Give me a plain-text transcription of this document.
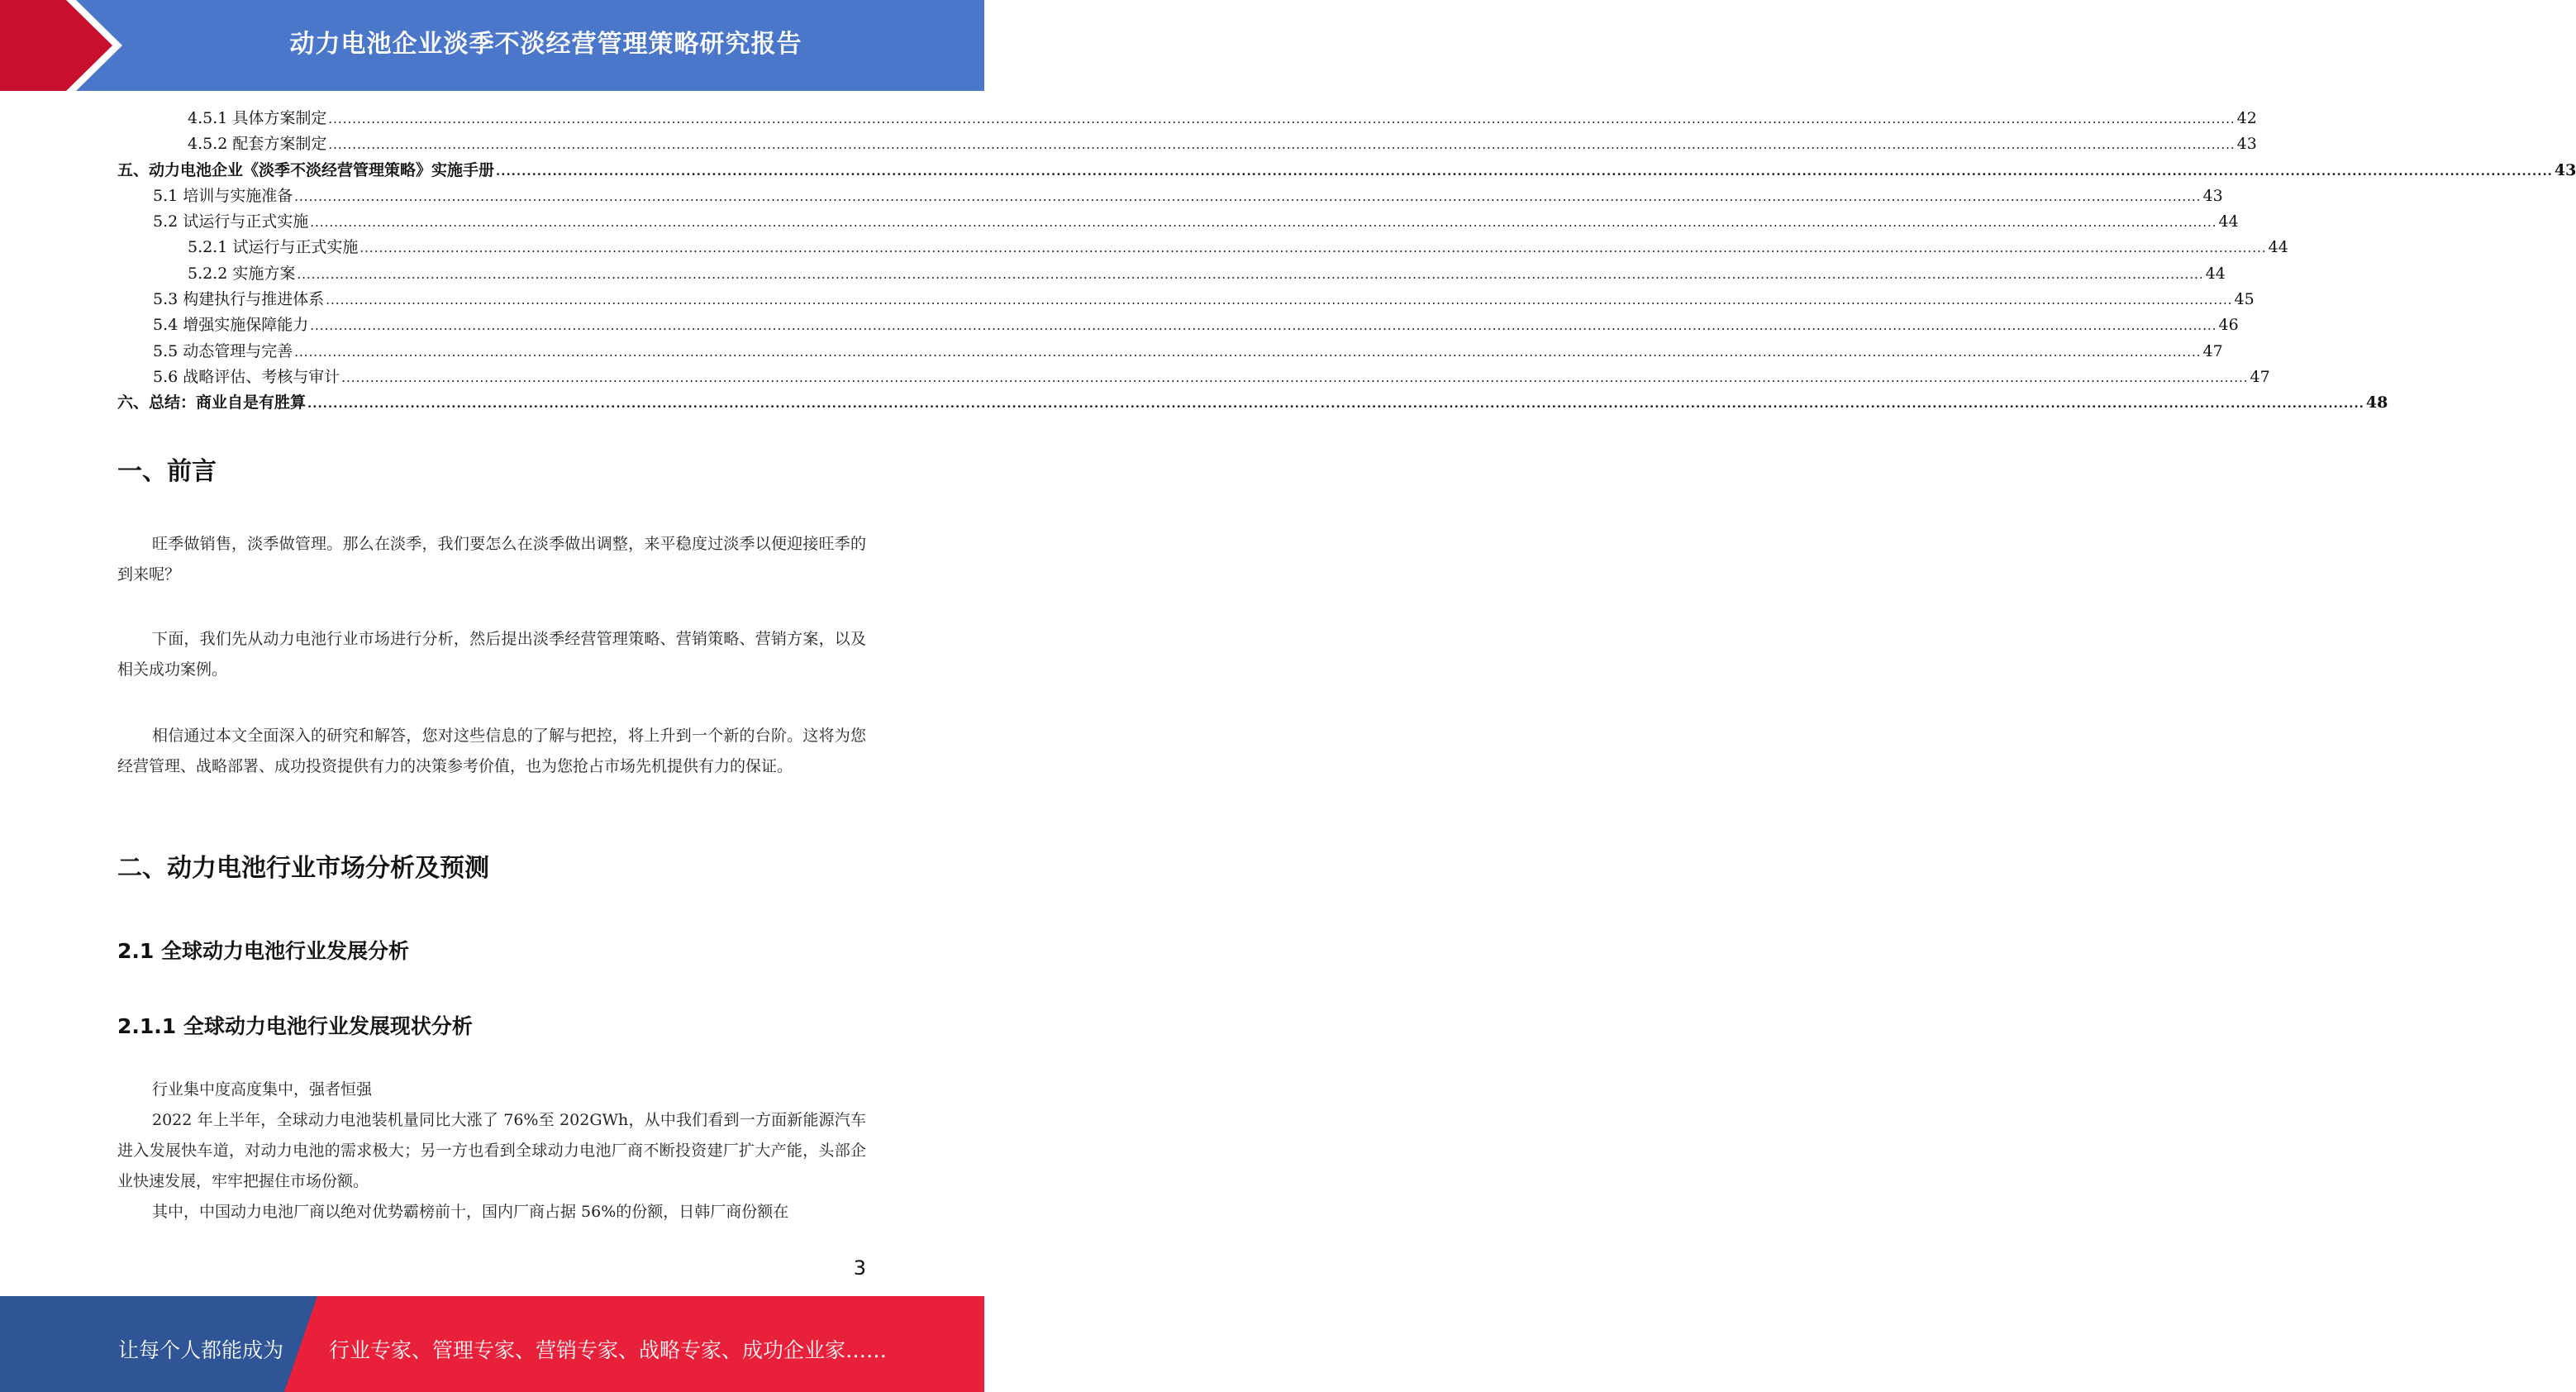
动力电池企业淡季不淡经营管理策略研究报告
4.5.1 具体方案制定 ................................................................................................................................................................................................................................................................................................................................................................................................................ 42
4.5.2 配套方案制定 ................................................................................................................................................................................................................................................................................................................................................................................................................ 43
五、动力电池企业《淡季不淡经营管理策略》实施手册 ................................................................................................................................................................................................................................................................................................................................................................................................................ 43
5.1 培训与实施准备 ................................................................................................................................................................................................................................................................................................................................................................................................................ 43
5.2 试运行与正式实施 ................................................................................................................................................................................................................................................................................................................................................................................................................ 44
5.2.1 试运行与正式实施 ................................................................................................................................................................................................................................................................................................................................................................................................................ 44
5.2.2 实施方案 ................................................................................................................................................................................................................................................................................................................................................................................................................ 44
5.3 构建执行与推进体系 ................................................................................................................................................................................................................................................................................................................................................................................................................ 45
5.4 增强实施保障能力 ................................................................................................................................................................................................................................................................................................................................................................................................................ 46
5.5 动态管理与完善 ................................................................................................................................................................................................................................................................................................................................................................................................................ 47
5.6 战略评估、考核与审计 ................................................................................................................................................................................................................................................................................................................................................................................................................ 47
六、总结：商业自是有胜算 ................................................................................................................................................................................................................................................................................................................................................................................................................ 48
一、前言

旺季做销售，淡季做管理。那么在淡季，我们要怎么在淡季做出调整，来平稳度过淡季以便迎接旺季的到来呢？

下面，我们先从动力电池行业市场进行分析，然后提出淡季经营管理策略、营销策略、营销方案，以及相关成功案例。

相信通过本文全面深入的研究和解答，您对这些信息的了解与把控，将上升到一个新的台阶。这将为您经营管理、战略部署、成功投资提供有力的决策参考价值，也为您抢占市场先机提供有力的保证。

二、动力电池行业市场分析及预测
2.1 全球动力电池行业发展分析
2.1.1 全球动力电池行业发展现状分析

行业集中度高度集中，强者恒强

2022 年上半年，全球动力电池装机量同比大涨了 76%至 202GWh，从中我们看到一方面新能源汽车进入发展快车道，对动力电池的需求极大；另一方也看到全球动力电池厂商不断投资建厂扩大产能，头部企业快速发展，牢牢把握住市场份额。

其中，中国动力电池厂商以绝对优势霸榜前十，国内厂商占据 56%的份额，日韩厂商份额在

3
让每个人都能成为 行业专家、管理专家、营销专家、战略专家、成功企业家……
